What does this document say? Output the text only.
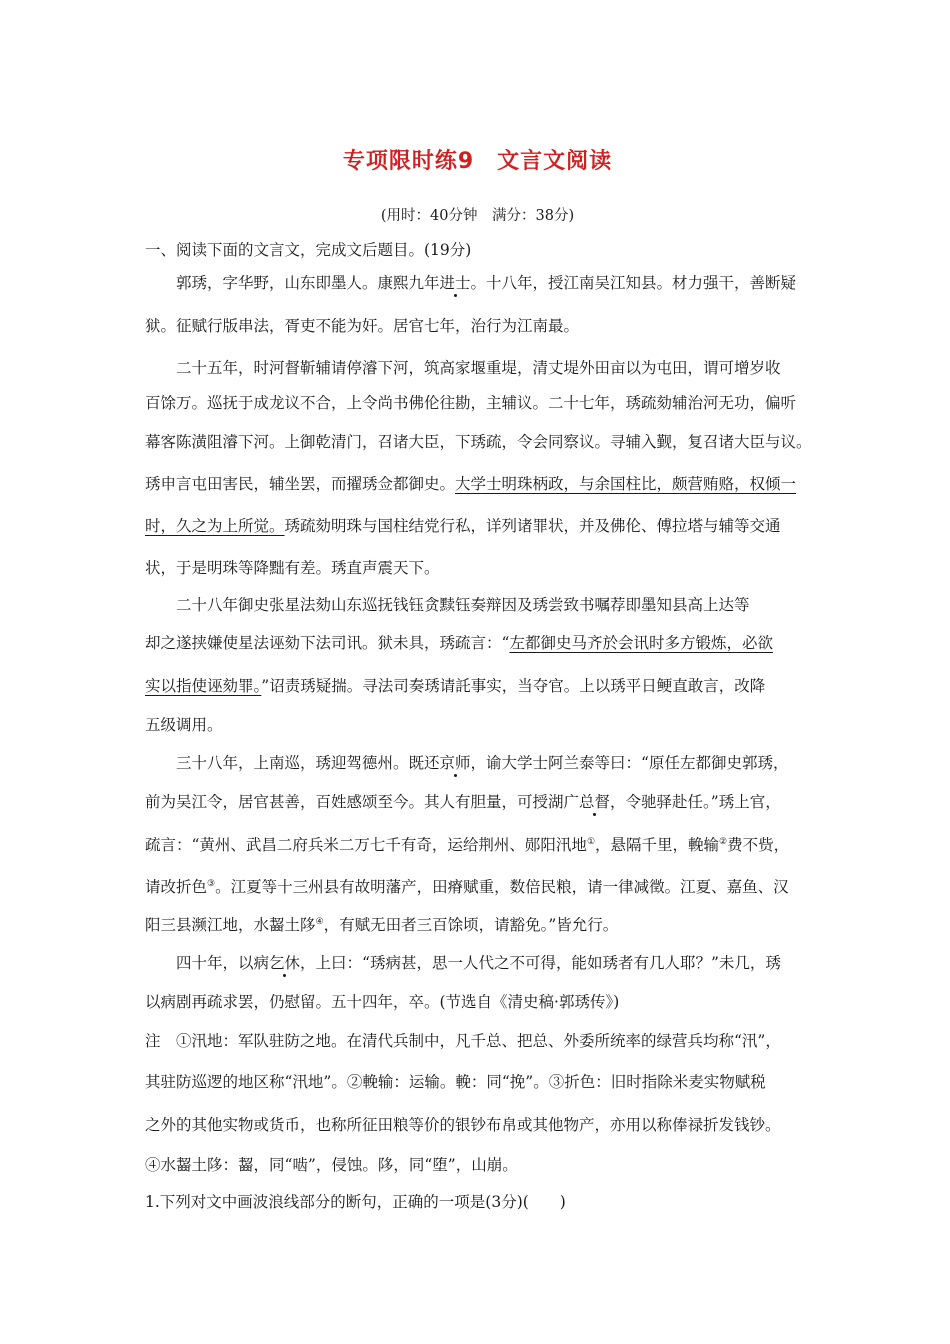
专项限时练9　文言文阅读
(用时：40分钟　满分：38分)
一、阅读下面的文言文，完成文后题目。(19分)
郭琇，字华野，山东即墨人。康熙九年进士。十八年，授江南吴江知县。材力强干，善断疑
狱。征赋行版串法，胥吏不能为奸。居官七年，治行为江南最。
二十五年，时河督靳辅请停濬下河，筑高家堰重堤，清丈堤外田亩以为屯田，谓可增岁收
百馀万。巡抚于成龙议不合，上令尚书佛伦往勘，主辅议。二十七年，琇疏劾辅治河无功，偏听
幕客陈潢阻濬下河。上御乾清门，召诸大臣，下琇疏，令会同察议。寻辅入觐，复召诸大臣与议。
琇申言屯田害民，辅坐罢，而擢琇佥都御史。大学士明珠柄政，与余国柱比，颇营贿赂，权倾一
时，久之为上所觉。琇疏劾明珠与国柱结党行私，详列诸罪状，并及佛伦、傅拉塔与辅等交通
状，于是明珠等降黜有差。琇直声震天下。
二十八年御史张星法劾山东巡抚钱钰贪黩钰奏辩因及琇尝致书嘱荐即墨知县高上达等
却之遂挟嫌使星法诬劾下法司讯。狱未具，琇疏言：“左都御史马齐於会讯时多方锻炼，必欲
实以指使诬劾罪。”诏责琇疑揣。寻法司奏琇请託事实，当夺官。上以琇平日鲠直敢言，改降
五级调用。
三十八年，上南巡，琇迎驾德州。既还京师，谕大学士阿兰泰等曰：“原任左都御史郭琇，
前为吴江令，居官甚善，百姓感颂至今。其人有胆量，可授湖广总督，令驰驿赴任。”琇上官，
疏言：“黄州、武昌二府兵米二万七千有奇，运给荆州、郧阳汛地①，悬隔千里，輓输②费不赀，
请改折色③。江夏等十三州县有故明藩产，田瘠赋重，数倍民粮，请一律减徵。江夏、嘉鱼、汉
阳三县濒江地，水齧土陊④，有赋无田者三百馀顷，请豁免。”皆允行。
四十年，以病乞休，上曰：“琇病甚，思一人代之不可得，能如琇者有几人耶？”未几，琇
以病剧再疏求罢，仍慰留。五十四年，卒。(节选自《清史稿·郭琇传》)
注　①汛地：军队驻防之地。在清代兵制中，凡千总、把总、外委所统率的绿营兵均称“汛”，
其驻防巡逻的地区称“汛地”。②輓输：运输。輓：同“挽”。③折色：旧时指除米麦实物赋税
之外的其他实物或货币，也称所征田粮等价的银钞布帛或其他物产，亦用以称俸禄折发钱钞。
④水齧土陊：齧，同“啮”，侵蚀。陊，同“堕”，山崩。
1.下列对文中画波浪线部分的断句，正确的一项是(3分)(　　)
